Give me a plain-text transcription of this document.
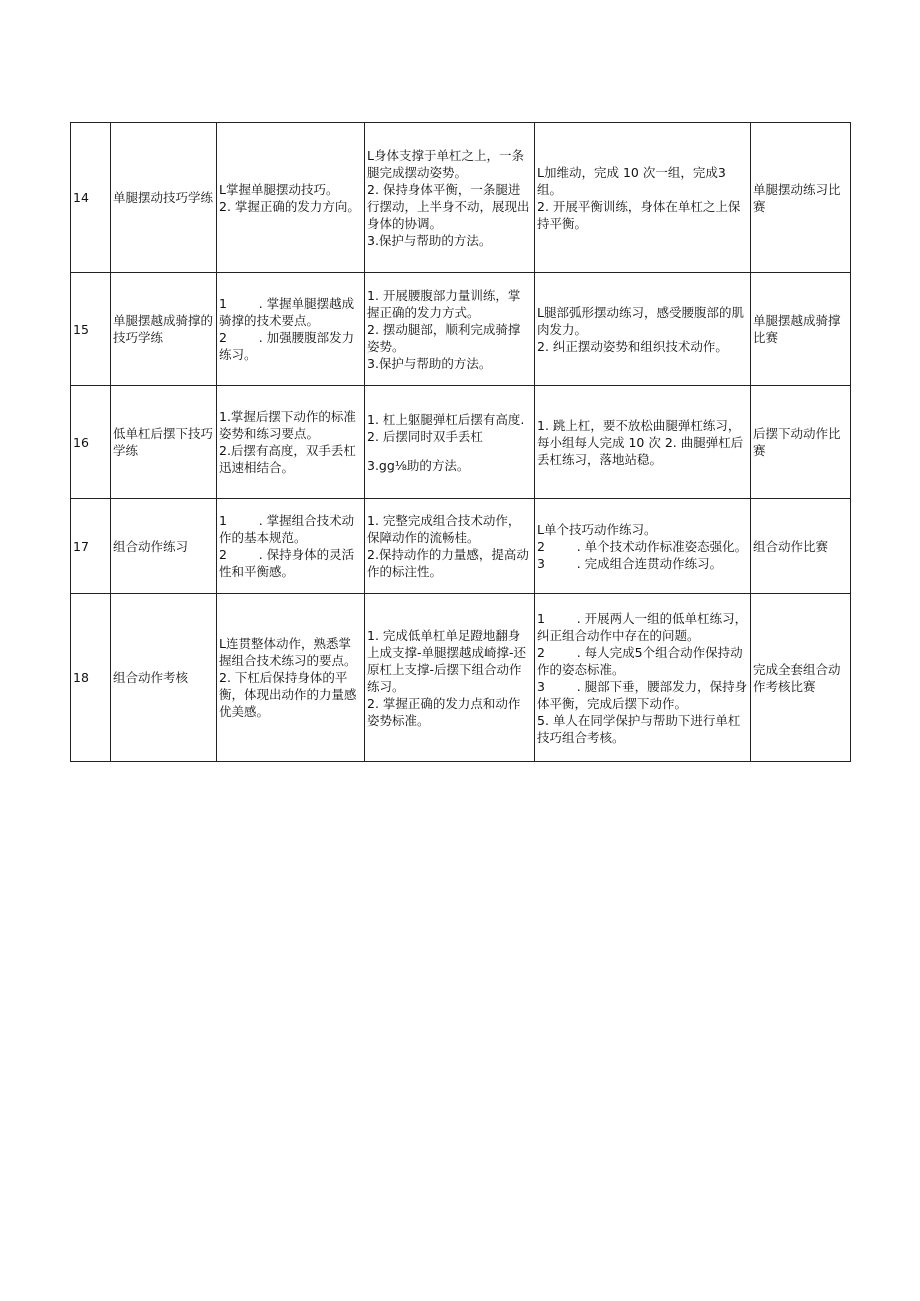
14	单腿摆动技巧学练	L掌握单腿摆动技巧。
2. 掌握正确的发力方向。	L身体支撑于单杠之上，一条腿完成摆动姿势。
2. 保持身体平衡，一条腿进行摆动，上半身不动，展现出身体的协调。
3.保护与帮助的方法。	L加维动，完成 10 次一组，完成3组。
2. 开展平衡训练，身体在单杠之上保持平衡。	单腿摆动练习比赛
15	单腿摆越成骑撑的技巧学练	1        . 掌握单腿摆越成骑撑的技术要点。
2        . 加强腰腹部发力练习。	1. 开展腰腹部力量训练，掌握正确的发力方式。
2. 摆动腿部，顺利完成骑撑姿势。
3.保护与帮助的方法。	L腿部弧形摆动练习，感受腰腹部的肌肉发力。
2. 纠正摆动姿势和组织技术动作。	单腿摆越成骑撑比赛
16	低单杠后摆下技巧学练	1.掌握后摆下动作的标准姿势和练习要点。
2.后摆有高度，双手丢杠迅速相结合。	1. 杠上躯腿弹杠后摆有高度.
2. 后摆同时双手丢杠
3.gg⅛助的方法。	1. 跳上杠，要不放松曲腿弹杠练习，每小组每人完成 10 次 2. 曲腿弹杠后丢杠练习，落地站稳。	后摆下动动作比赛
17	组合动作练习	1        . 掌握组合技术动作的基本规范。
2        . 保持身体的灵活性和平衡感。	1. 完整完成组合技术动作，保障动作的流畅桂。
2.保持动作的力量感，提高动作的标注性。	L单个技巧动作练习。
2        . 单个技术动作标准姿态强化。
3        . 完成组合连贯动作练习。	组合动作比赛
18	组合动作考核	L连贯整体动作，熟悉掌握组合技术练习的要点。
2. 下杠后保持身体的平衡，体现出动作的力量感优美感。	1. 完成低单杠单足蹬地翻身上成支撑-单腿摆越成崎撑-还原杠上支撑-后摆下组合动作练习。
2. 掌握正确的发力点和动作姿势标准。	1        . 开展两人一组的低单杠练习，纠正组合动作中存在的问题。
2        . 每人完成5个组合动作保持动作的姿态标准。
3        . 腿部下垂，腰部发力，保持身体平衡，完成后摆下动作。
5. 单人在同学保护与帮助下进行单杠技巧组合考核。	完成全套组合动作考核比赛
